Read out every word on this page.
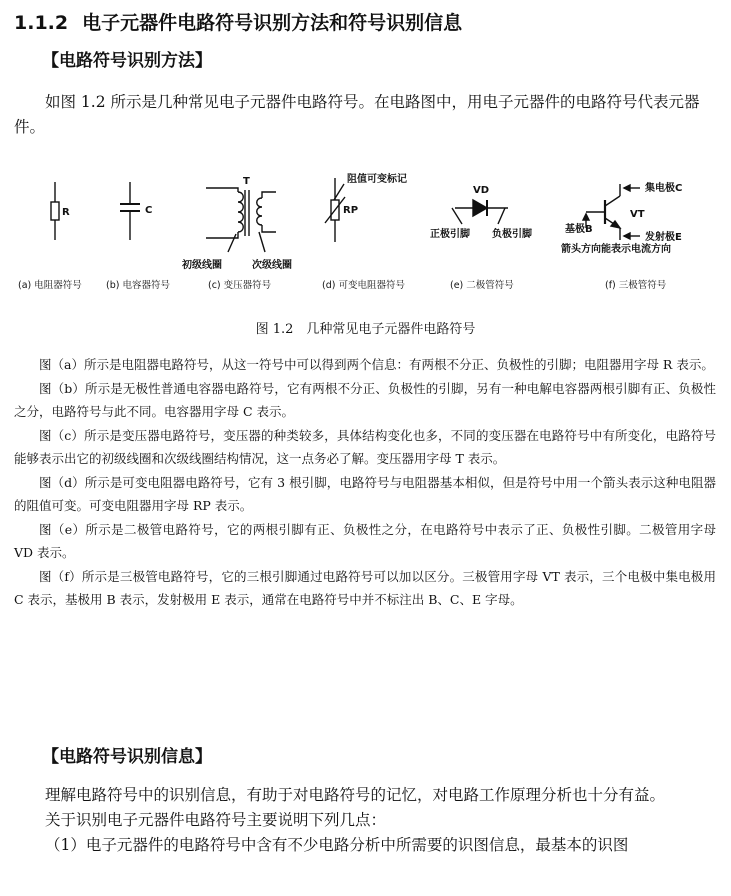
1.1.2 电子元器件电路符号识别方法和符号识别信息
【电路符号识别方法】

如图 1.2 所示是几种常见电子元器件电路符号。在电路图中，用电子元器件的电路符号代表元器件。

R	C
T
初级线圈	次级线圈
阻值可变标记
RP
VD
正极引脚 负极引脚
集电极C
VT
基极B
发射极E
箭头方向能表示电流方向
(a) 电阻器符号	(b) 电容器符号	(c) 变压器符号	(d) 可变电阻器符号	(e) 二极管符号	(f) 三极管符号
图 1.2　几种常见电子元器件电路符号

图（a）所示是电阻器电路符号，从这一符号中可以得到两个信息：有两根不分正、负极性的引脚；电阻器用字母 R 表示。

图（b）所示是无极性普通电容器电路符号，它有两根不分正、负极性的引脚，另有一种电解电容器两根引脚有正、负极性之分，电路符号与此不同。电容器用字母 C 表示。

图（c）所示是变压器电路符号，变压器的种类较多，具体结构变化也多，不同的变压器在电路符号中有所变化，电路符号能够表示出它的初级线圈和次级线圈结构情况，这一点务必了解。变压器用字母 T 表示。

图（d）所示是可变电阻器电路符号，它有 3 根引脚，电路符号与电阻器基本相似，但是符号中用一个箭头表示这种电阻器的阻值可变。可变电阻器用字母 RP 表示。

图（e）所示是二极管电路符号，它的两根引脚有正、负极性之分，在电路符号中表示了正、负极性引脚。二极管用字母 VD 表示。

图（f）所示是三极管电路符号，它的三根引脚通过电路符号可以加以区分。三极管用字母 VT 表示，三个电极中集电极用 C 表示，基极用 B 表示，发射极用 E 表示，通常在电路符号中并不标注出 B、C、E 字母。

【电路符号识别信息】

理解电路符号中的识别信息，有助于对电路符号的记忆，对电路工作原理分析也十分有益。

关于识别电子元器件电路符号主要说明下列几点：

（1）电子元器件的电路符号中含有不少电路分析中所需要的识图信息，最基本的识图
